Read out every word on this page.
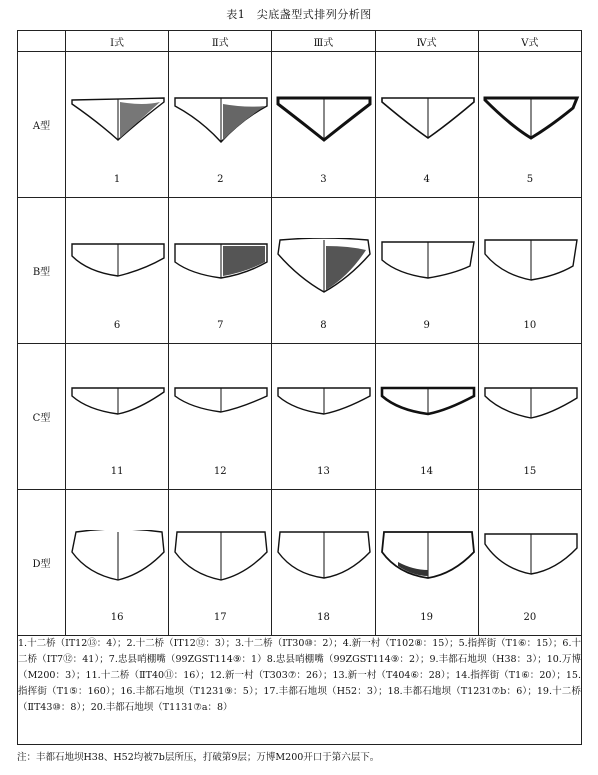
表1　尖底盏型式排列分析图
	Ⅰ式	Ⅱ式	Ⅲ式	Ⅳ式	Ⅴ式
A型	1	2	3	4	5

B型	6	7	8	9	10

C型	11	12	13	14	15

D型	16	17	18	19	20

1.十二桥（ⅠT12⑬：4）；2.十二桥（ⅠT12⑫：3）；3.十二桥（ⅠT30⑩：2）；4.新一村（T102⑧：15）；5.指挥街（T1⑥：15）；6.十二桥（ⅠT7⑫：41）；7.忠县哨棚嘴（99ZGST114⑨：1）8.忠县哨棚嘴（99ZGST114⑨：2）；9.丰都石地坝（H38：3）；10.万博（M200：3）；11.十二桥（ⅡT40⑪：16）；12.新一村（T303⑦：26）；13.新一村（T404⑥：28）；14.指挥街（T1⑥：20）；15.指挥街（T1⑤：160）；16.丰都石地坝（T1231⑨：5）；17.丰都石地坝（H52：3）；18.丰都石地坝（T1231⑦b：6）；19.十二桥（ⅡT43⑩：8）；20.丰都石地坝（T1131⑦a：8）					
注：丰都石地坝H38、H52均被7b层所压，打破第9层；万博M200开口于第六层下。
